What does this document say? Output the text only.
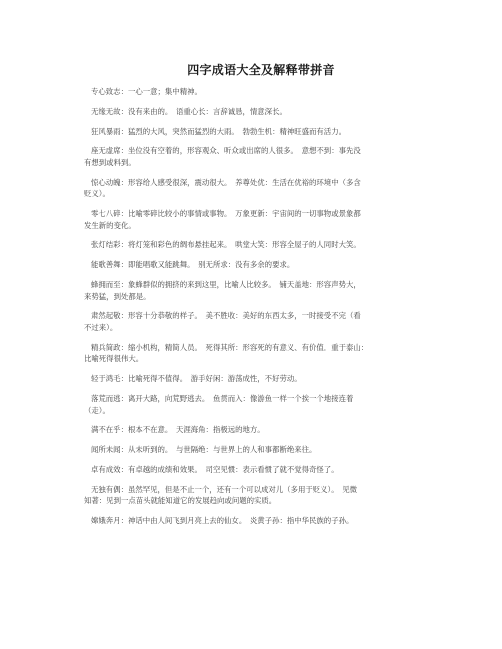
四字成语大全及解释带拼音
专心致志：一心一意；集中精神。
无缘无故：没有来由的。　语重心长：言辞诚恳，情意深长。
狂风暴雨：猛烈的大风，突然而猛烈的大雨。　勃勃生机：精神旺盛而有活力。
座无虚席：坐位没有空着的，形容观众、听众或出席的人很多。　意想不到：事先没
有想到或料到。
惊心动魄：形容给人感受很深，震动很大。　养尊处优：生活在优裕的环境中（多含
贬义）。
零七八碎：比喻零碎比较小的事情或事物。　万象更新：宇宙间的一切事物或景象都
发生新的变化。
张灯结彩：将灯笼和彩色的绸布悬挂起来。　哄堂大笑：形容全屋子的人同时大笑。
能歌善舞：即能唱歌又能跳舞。　别无所求：没有多余的要求。
蜂拥而至：象蜂群似的拥挤的来到这里，比喻人比较多。　铺天盖地：形容声势大，
来势猛，到处都是。
肃然起敬：形容十分恭敬的样子。　美不胜收：美好的东西太多，一时接受不完（看
不过来）。
精兵简政：缩小机构，精简人员。　死得其所：形容死的有意义、有价值．重于泰山：
比喻死得很伟大。
轻于鸿毛：比喻死得不值得。　游手好闲：游荡成性，不好劳动。
落荒而逃：离开大路，向荒野逃去。　鱼贯而入：像游鱼一样一个挨一个地接连着
（走）。
满不在乎：根本不在意。　天涯海角：指极远的地方。
闻所未闻：从未听到的。　与世隔绝：与世界上的人和事都断绝来往。
卓有成效：有卓越的成绩和效果。　司空见惯：表示看惯了就不觉得奇怪了。
无独有偶：虽然罕见，但是不止一个，还有一个可以成对儿（多用于贬义）。　见微
知著：见到一点苗头就能知道它的发展趋向或问题的实质。
嫦娥奔月：神话中由人间飞到月亮上去的仙女。　炎黄子孙：指中华民族的子孙。
